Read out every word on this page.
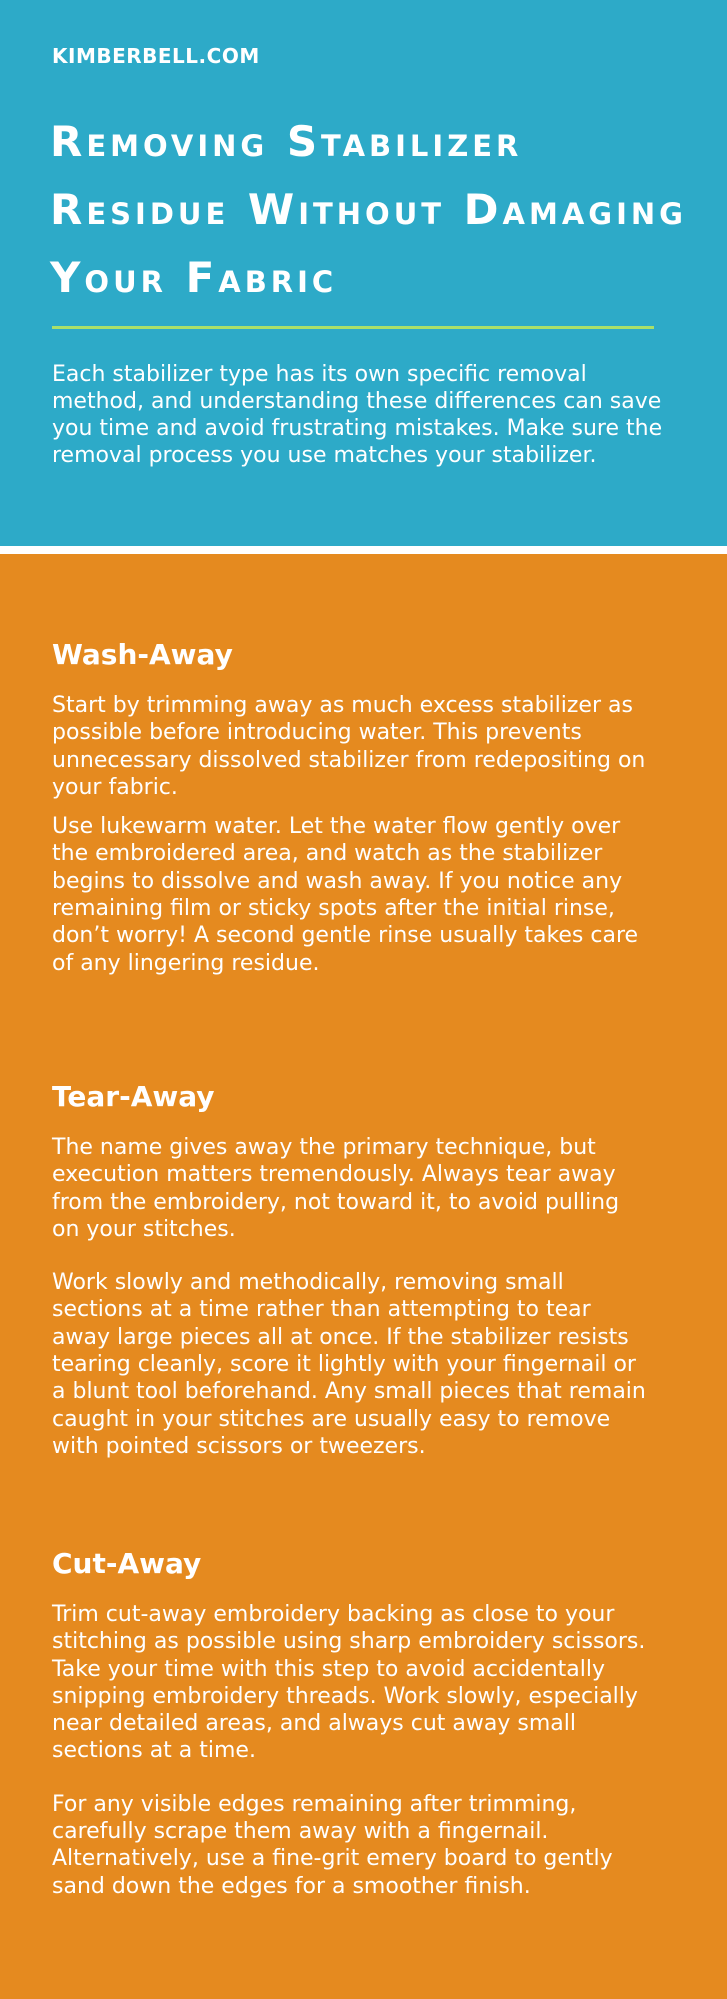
KIMBERBELL.COM
Removing Stabilizer Residue Without Damaging Your Fabric

Each stabilizer type has its own specific removal method, and understanding these differences can save you time and avoid frustrating mistakes. Make sure the removal process you use matches your stabilizer.

Wash-Away

Start by trimming away as much excess stabilizer as possible before introducing water. This prevents unnecessary dissolved stabilizer from redepositing on your fabric.

Use lukewarm water. Let the water flow gently over the embroidered area, and watch as the stabilizer begins to dissolve and wash away. If you notice any remaining film or sticky spots after the initial rinse, don’t worry! A second gentle rinse usually takes care of any lingering residue.

Tear-Away

The name gives away the primary technique, but execution matters tremendously. Always tear away from the embroidery, not toward it, to avoid pulling on your stitches.

Work slowly and methodically, removing small sections at a time rather than attempting to tear away large pieces all at once. If the stabilizer resists tearing cleanly, score it lightly with your fingernail or a blunt tool beforehand. Any small pieces that remain caught in your stitches are usually easy to remove with pointed scissors or tweezers.

Cut-Away

Trim cut-away embroidery backing as close to your stitching as possible using sharp embroidery scissors. Take your time with this step to avoid accidentally snipping embroidery threads. Work slowly, especially near detailed areas, and always cut away small sections at a time.

For any visible edges remaining after trimming, carefully scrape them away with a fingernail. Alternatively, use a fine-grit emery board to gently sand down the edges for a smoother finish.
